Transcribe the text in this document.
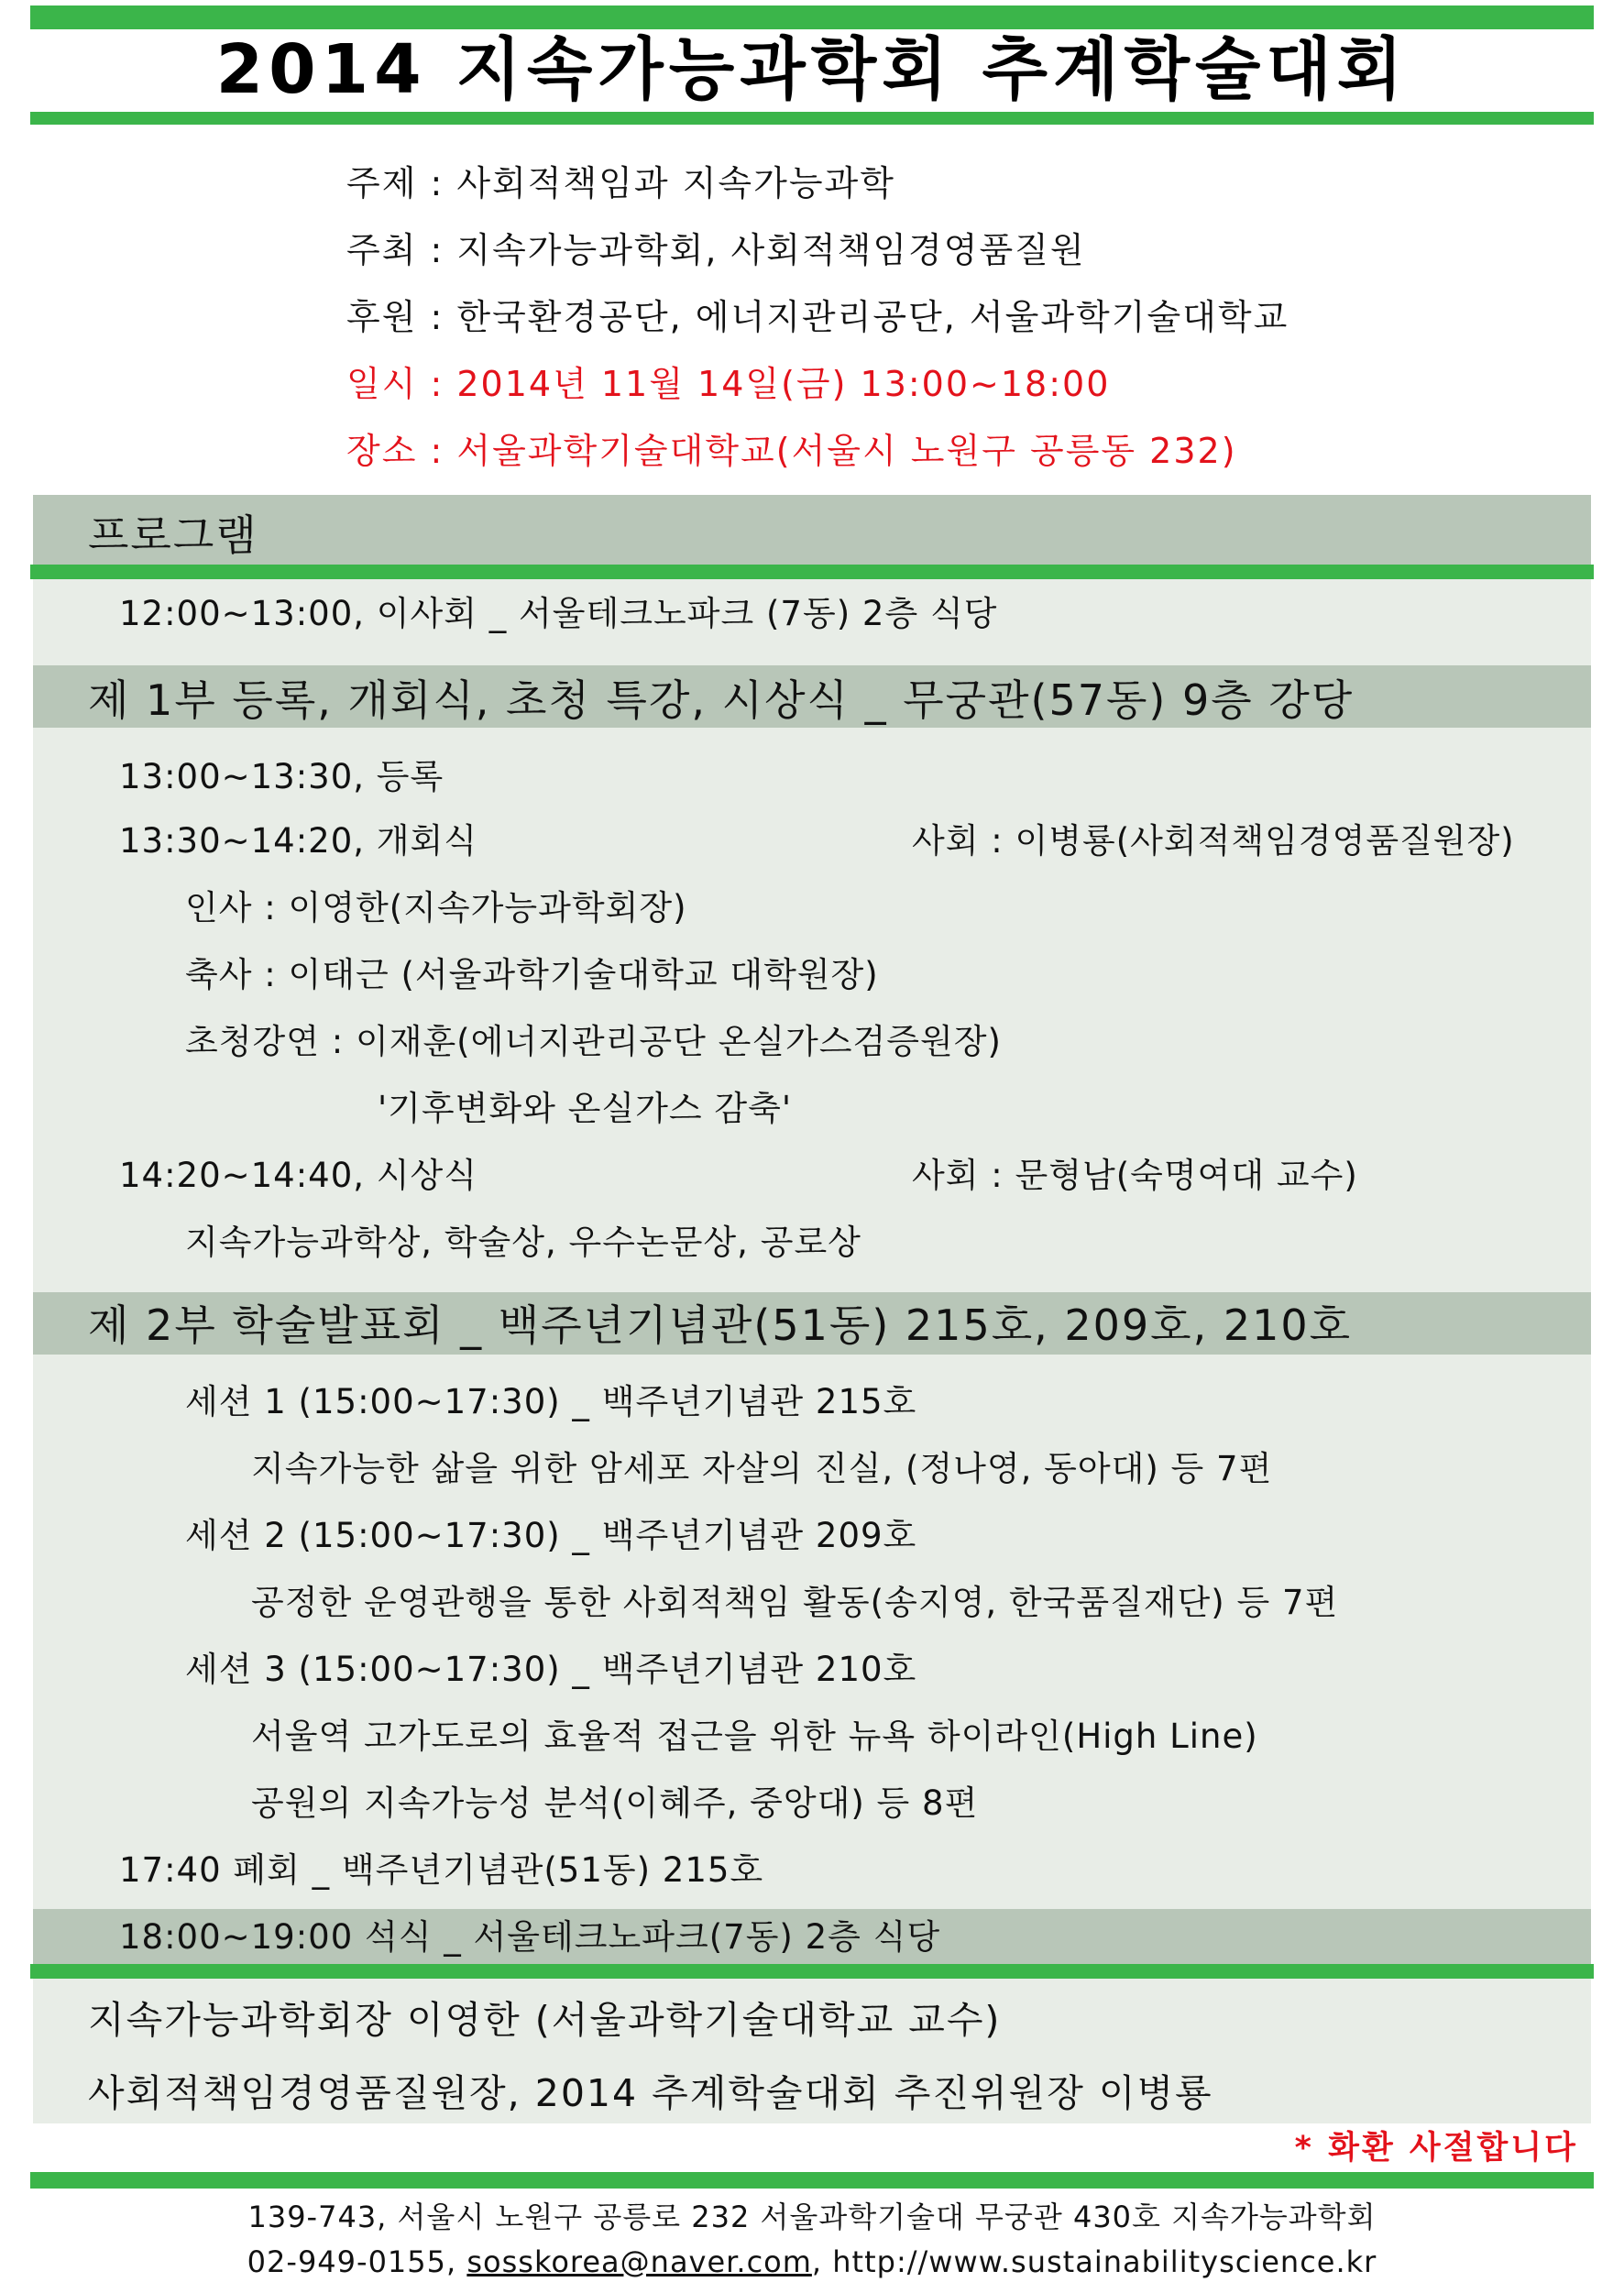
2014 지속가능과학회 추계학술대회
주제 : 사회적책임과 지속가능과학
주최 : 지속가능과학회, 사회적책임경영품질원
후원 : 한국환경공단, 에너지관리공단, 서울과학기술대학교
일시 : 2014년 11월 14일(금) 13:00~18:00
장소 : 서울과학기술대학교(서울시 노원구 공릉동 232)
프로그램
12:00~13:00, 이사회 _ 서울테크노파크 (7동) 2층 식당
제 1부 등록, 개회식, 초청 특강, 시상식 _ 무궁관(57동) 9층 강당
13:00~13:30, 등록
13:30~14:20, 개회식	사회 : 이병룡(사회적책임경영품질원장)
인사 : 이영한(지속가능과학회장)
축사 : 이태근 (서울과학기술대학교 대학원장)
초청강연 : 이재훈(에너지관리공단 온실가스검증원장)
'기후변화와 온실가스 감축'
14:20~14:40, 시상식	사회 : 문형남(숙명여대 교수)
지속가능과학상, 학술상, 우수논문상, 공로상
제 2부 학술발표회 _ 백주년기념관(51동) 215호, 209호, 210호
세션 1 (15:00~17:30) _ 백주년기념관 215호
지속가능한 삶을 위한 암세포 자살의 진실, (정나영, 동아대) 등 7편
세션 2 (15:00~17:30) _ 백주년기념관 209호
공정한 운영관행을 통한 사회적책임 활동(송지영, 한국품질재단) 등 7편
세션 3 (15:00~17:30) _ 백주년기념관 210호
서울역 고가도로의 효율적 접근을 위한 뉴욕 하이라인(High Line)
공원의 지속가능성 분석(이혜주, 중앙대) 등 8편
17:40 폐회 _ 백주년기념관(51동) 215호
18:00~19:00 석식 _ 서울테크노파크(7동) 2층 식당
지속가능과학회장 이영한 (서울과학기술대학교 교수)
사회적책임경영품질원장, 2014 추계학술대회 추진위원장 이병룡
* 화환 사절합니다
139-743, 서울시 노원구 공릉로 232 서울과학기술대 무궁관 430호 지속가능과학회
02-949-0155, sosskorea@naver.com, http://www.sustainabilityscience.kr
